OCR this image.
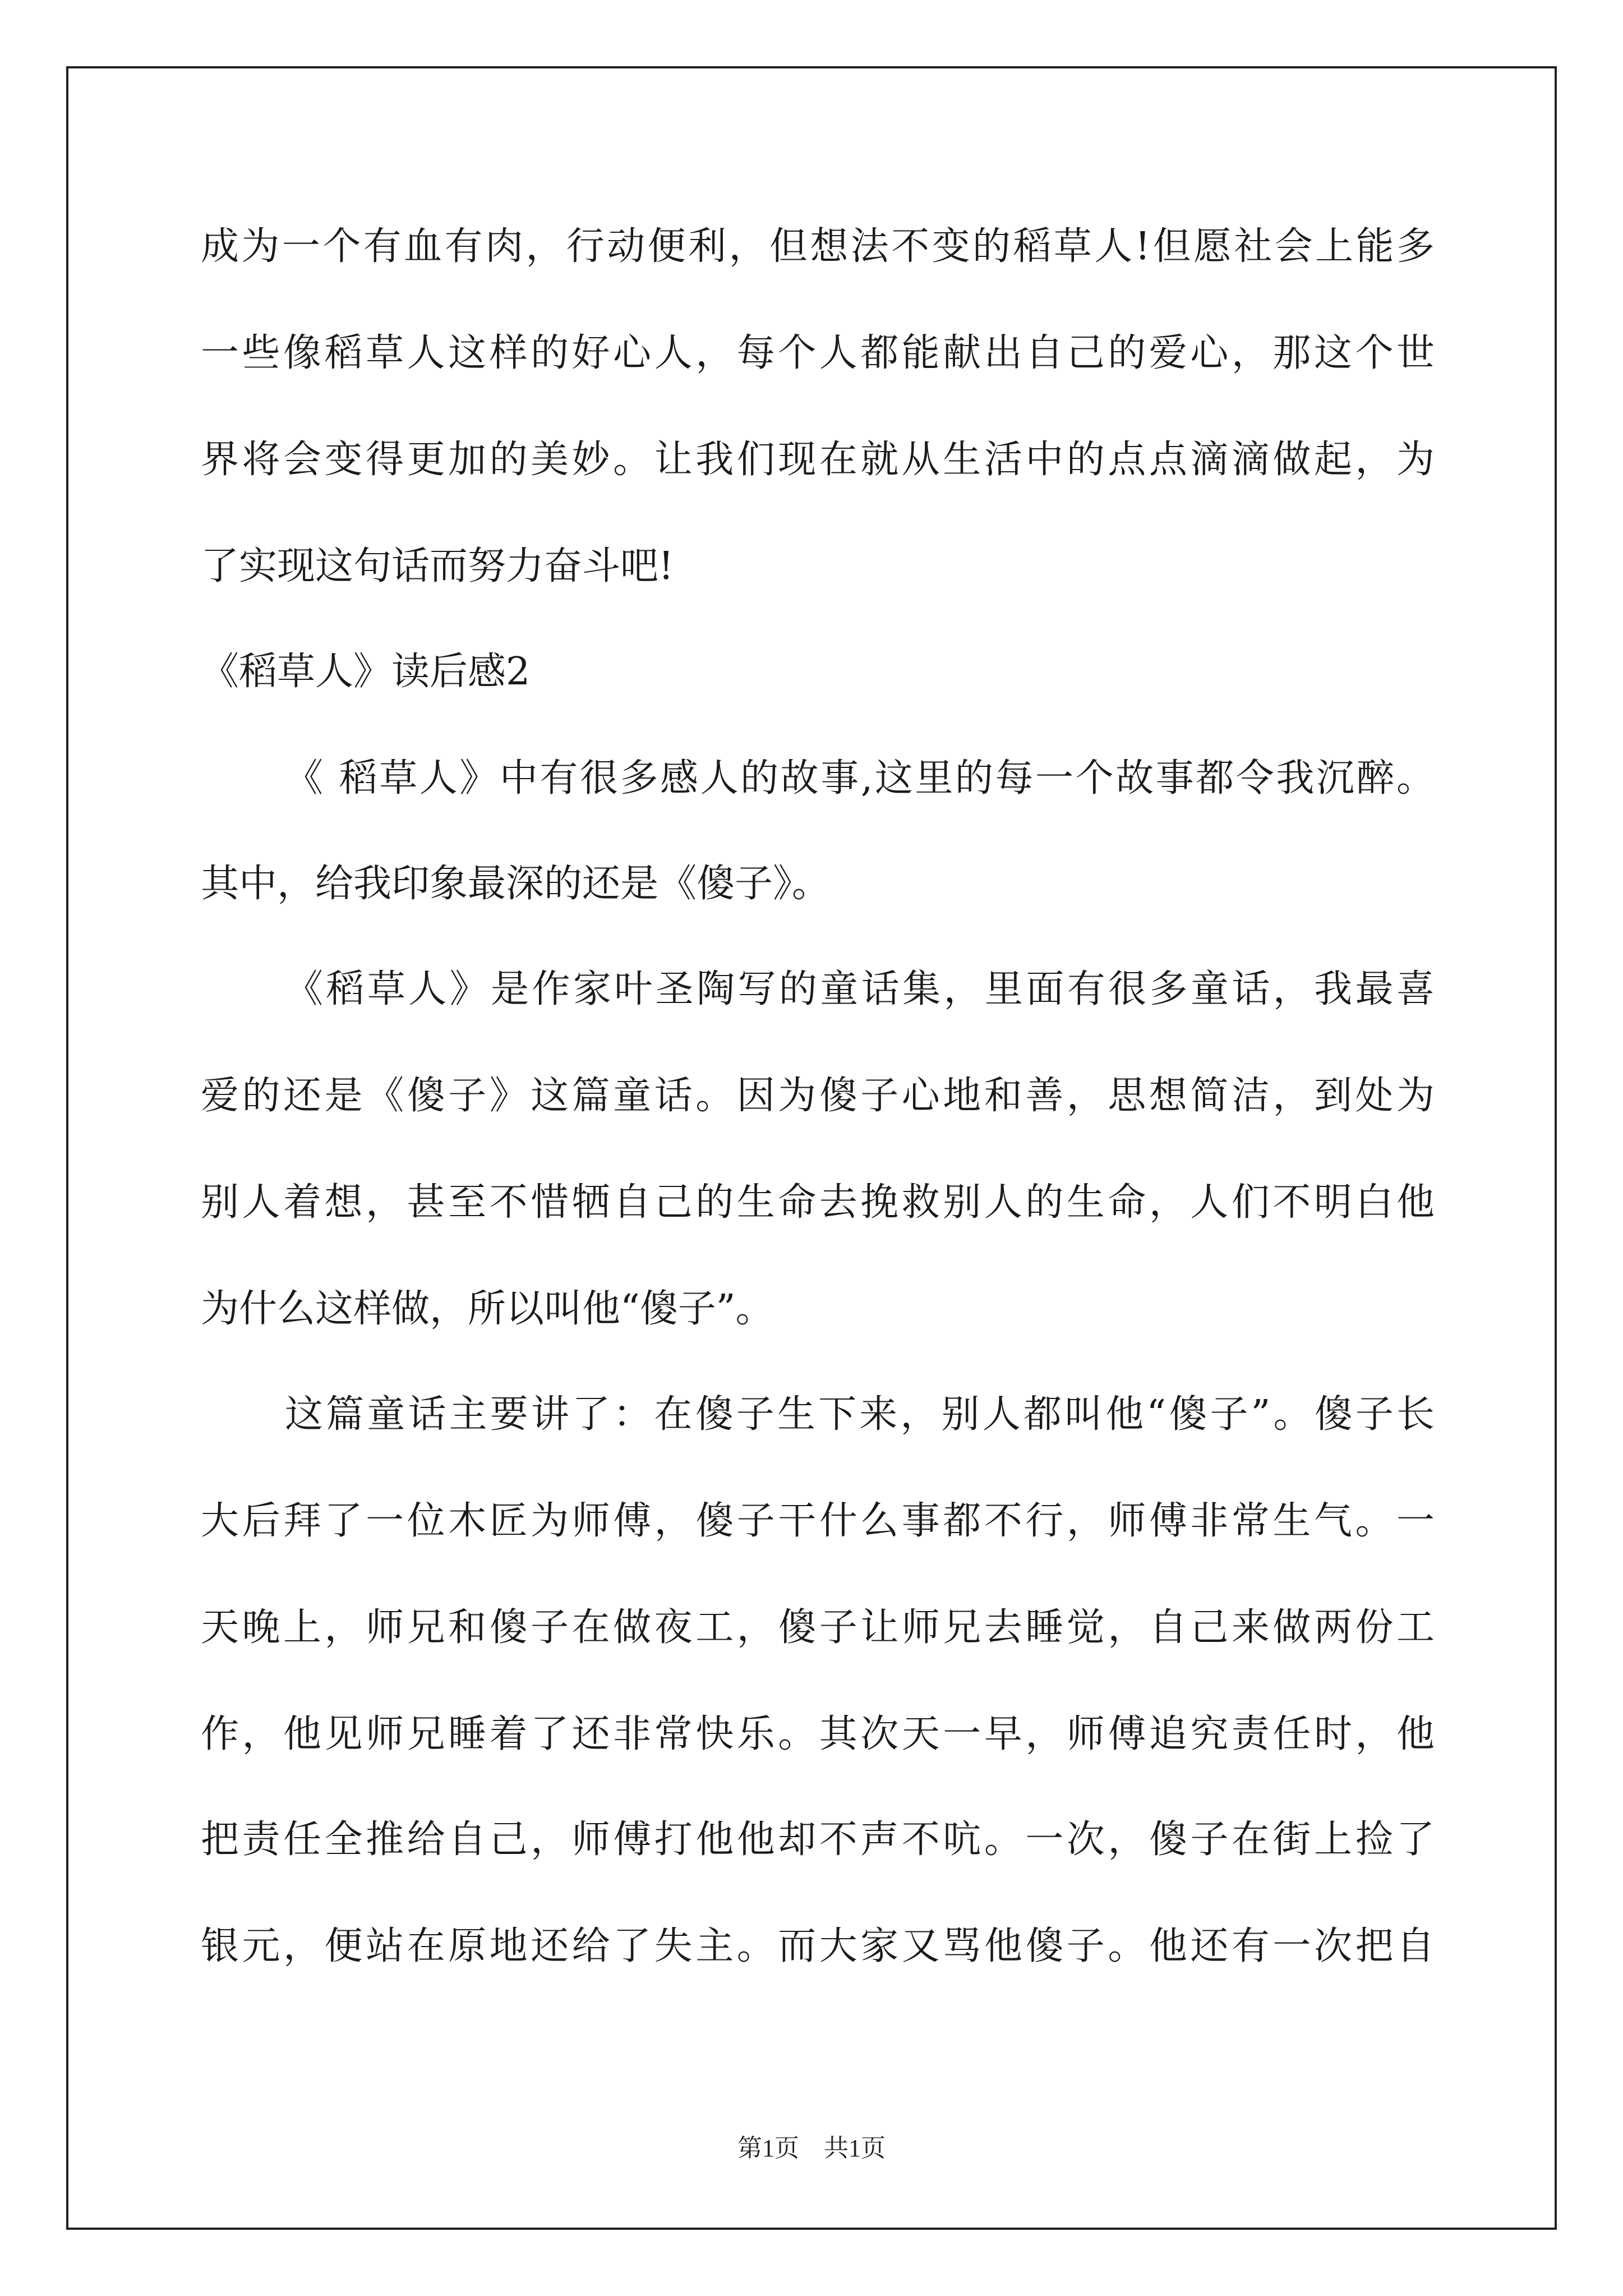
成为一个有血有肉，行动便利，但想法不变的稻草人!但愿社会上能多
一些像稻草人这样的好心人，每个人都能献出自己的爱心，那这个世
界将会变得更加的美妙。让我们现在就从生活中的点点滴滴做起，为
了实现这句话而努力奋斗吧!
《稻草人》读后感2
《 稻草人》中有很多感人的故事,这里的每一个故事都令我沉醉。
其中，给我印象最深的还是《傻子》。
《稻草人》是作家叶圣陶写的童话集，里面有很多童话，我最喜
爱的还是《傻子》这篇童话。因为傻子心地和善，思想简洁，到处为
别人着想，甚至不惜牺自己的生命去挽救别人的生命，人们不明白他
为什么这样做，所以叫他“傻子”。
这篇童话主要讲了：在傻子生下来，别人都叫他“傻子”。傻子长
大后拜了一位木匠为师傅，傻子干什么事都不行，师傅非常生气。一
天晚上，师兄和傻子在做夜工，傻子让师兄去睡觉，自己来做两份工
作，他见师兄睡着了还非常快乐。其次天一早，师傅追究责任时，他
把责任全推给自己，师傅打他他却不声不吭。一次，傻子在街上捡了
银元，便站在原地还给了失主。而大家又骂他傻子。他还有一次把自
第1页　共1页
